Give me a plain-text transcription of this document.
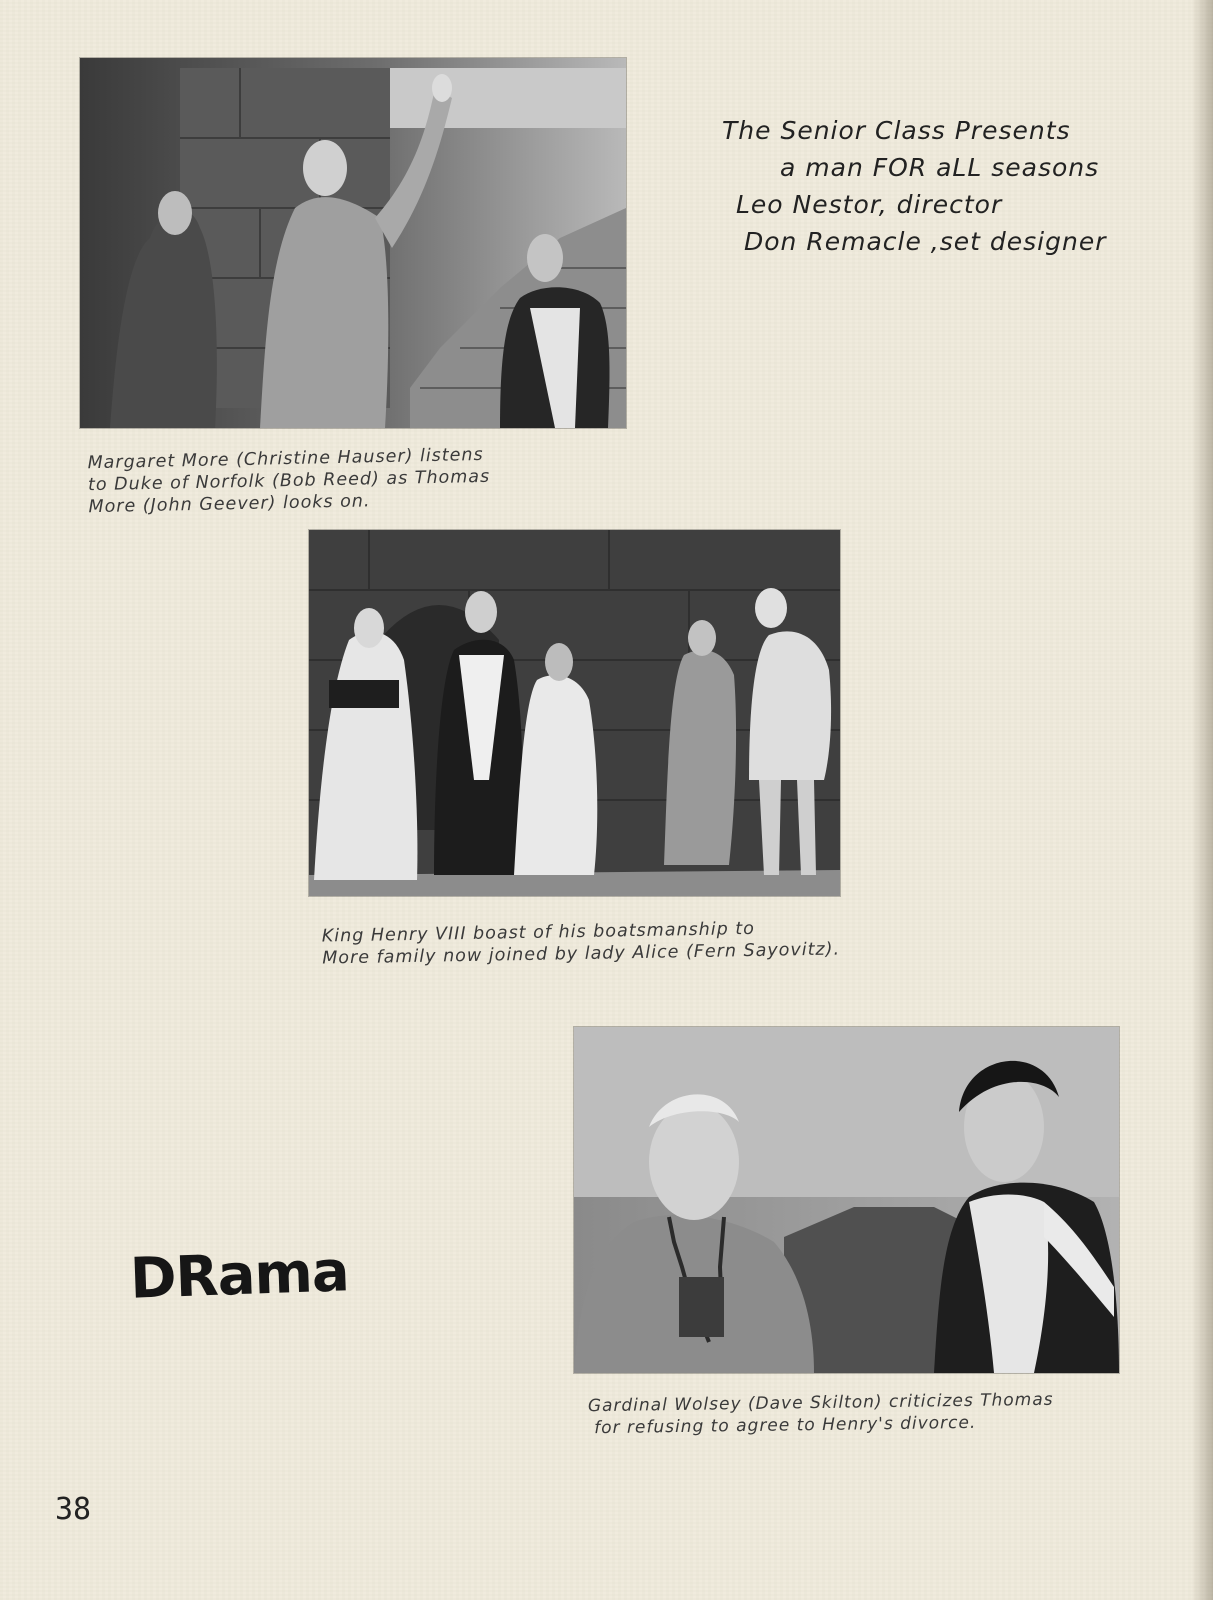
The Senior Class Presents
a man FOR aLL seasons
Leo Nestor, director
Don Remacle ,set designer
Margaret More (Christine Hauser) listens
to Duke of Norfolk (Bob Reed) as Thomas
More (John Geever) looks on.
King Henry VIII boast of his boatsmanship to
More family now joined by lady Alice (Fern Sayovitz).
DRama
Gardinal Wolsey (Dave Skilton) criticizes Thomas
for refusing to agree to Henry's divorce.
38
